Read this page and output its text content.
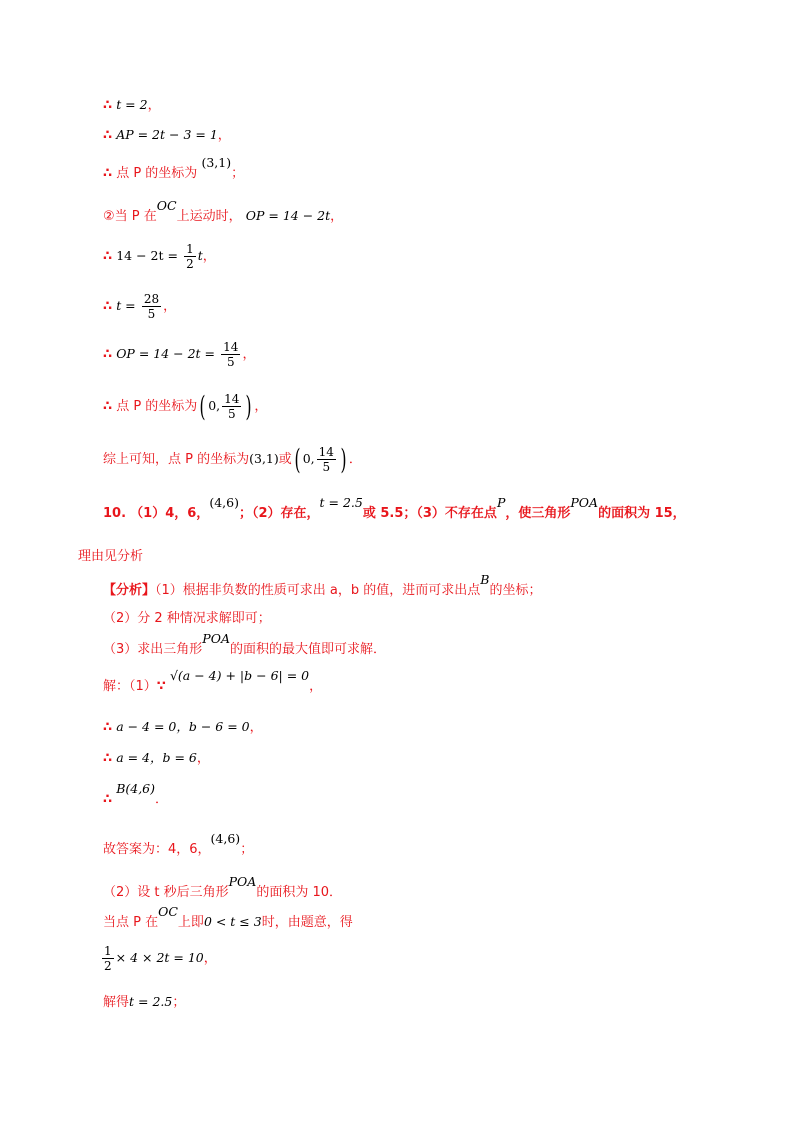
∴ t = 2，
∴ AP = 2t − 3 = 1，
∴ 点 P 的坐标为 (3,1)；
②当 P 在OC上运动时， OP = 14 − 2t，
∴ $14 - 2t = \frac{1}{2}$ t，
∴ $t = \frac{28}{5}$ ，
∴ OP = $14 - 2t = \frac{14}{5}$ ，
∴ 点 P 的坐标为( 0, $\frac{14}{5}$ ) ，
综上可知，点 P 的坐标为(3,1)或( 0, $\frac{14}{5}$ ) ．
10. （1）4，6，(4,6)；（2）存在，t = 2.5或 5.5；（3）不存在点P，使三角形POA的面积为 15，
理由见分析
【分析】（1）根据非负数的性质可求出 a，b 的值，进而可求出点B的坐标；
（2）分 2 种情况求解即可；
（3）求出三角形POA的面积的最大值即可求解．
解：（1）∵ √(a − 4) + |b − 6| = 0，
∴ a − 4 = 0，b − 6 = 0，
∴ a = 4，b = 6，
∴ B(4,6)．
故答案为：4，6，(4,6)；
（2）设 t 秒后三角形POA的面积为 10．
当点 P 在OC上即0 < t ≤ 3时，由题意，得
$\frac{1}{2} \times 4 \times 2t = 10$，
解得t = 2.5；
